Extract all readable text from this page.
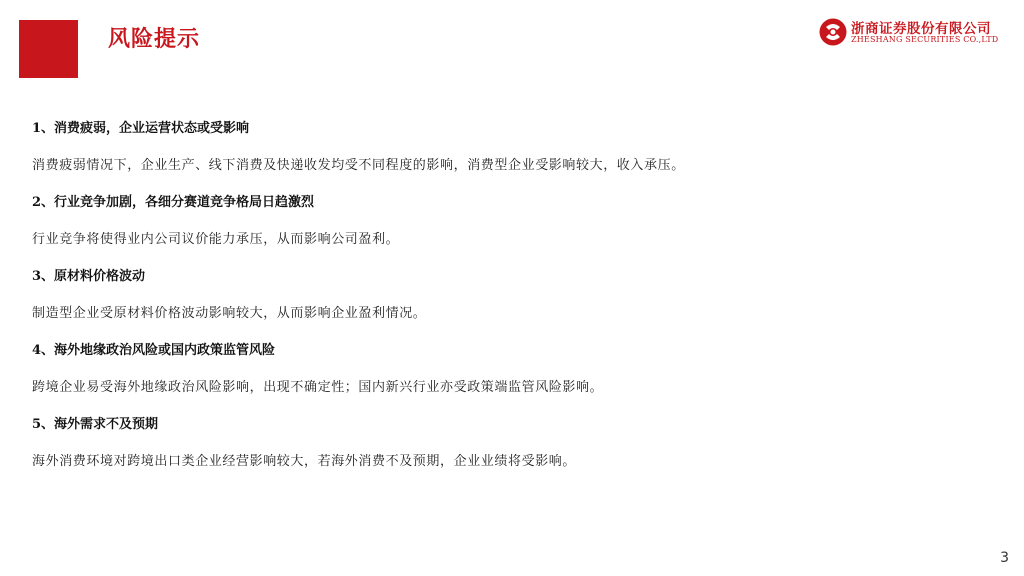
风险提示	浙商证券股份有限公司
ZHESHANG SECURITIES CO.,LTD
1、消费疲弱，企业运营状态或受影响
消费疲弱情况下，企业生产、线下消费及快递收发均受不同程度的影响，消费型企业受影响较大，收入承压。
2、行业竞争加剧，各细分赛道竞争格局日趋激烈
行业竞争将使得业内公司议价能力承压，从而影响公司盈利。
3、原材料价格波动
制造型企业受原材料价格波动影响较大，从而影响企业盈利情况。
4、海外地缘政治风险或国内政策监管风险
跨境企业易受海外地缘政治风险影响，出现不确定性；国内新兴行业亦受政策端监管风险影响。
5、海外需求不及预期
海外消费环境对跨境出口类企业经营影响较大，若海外消费不及预期，企业业绩将受影响。
3
